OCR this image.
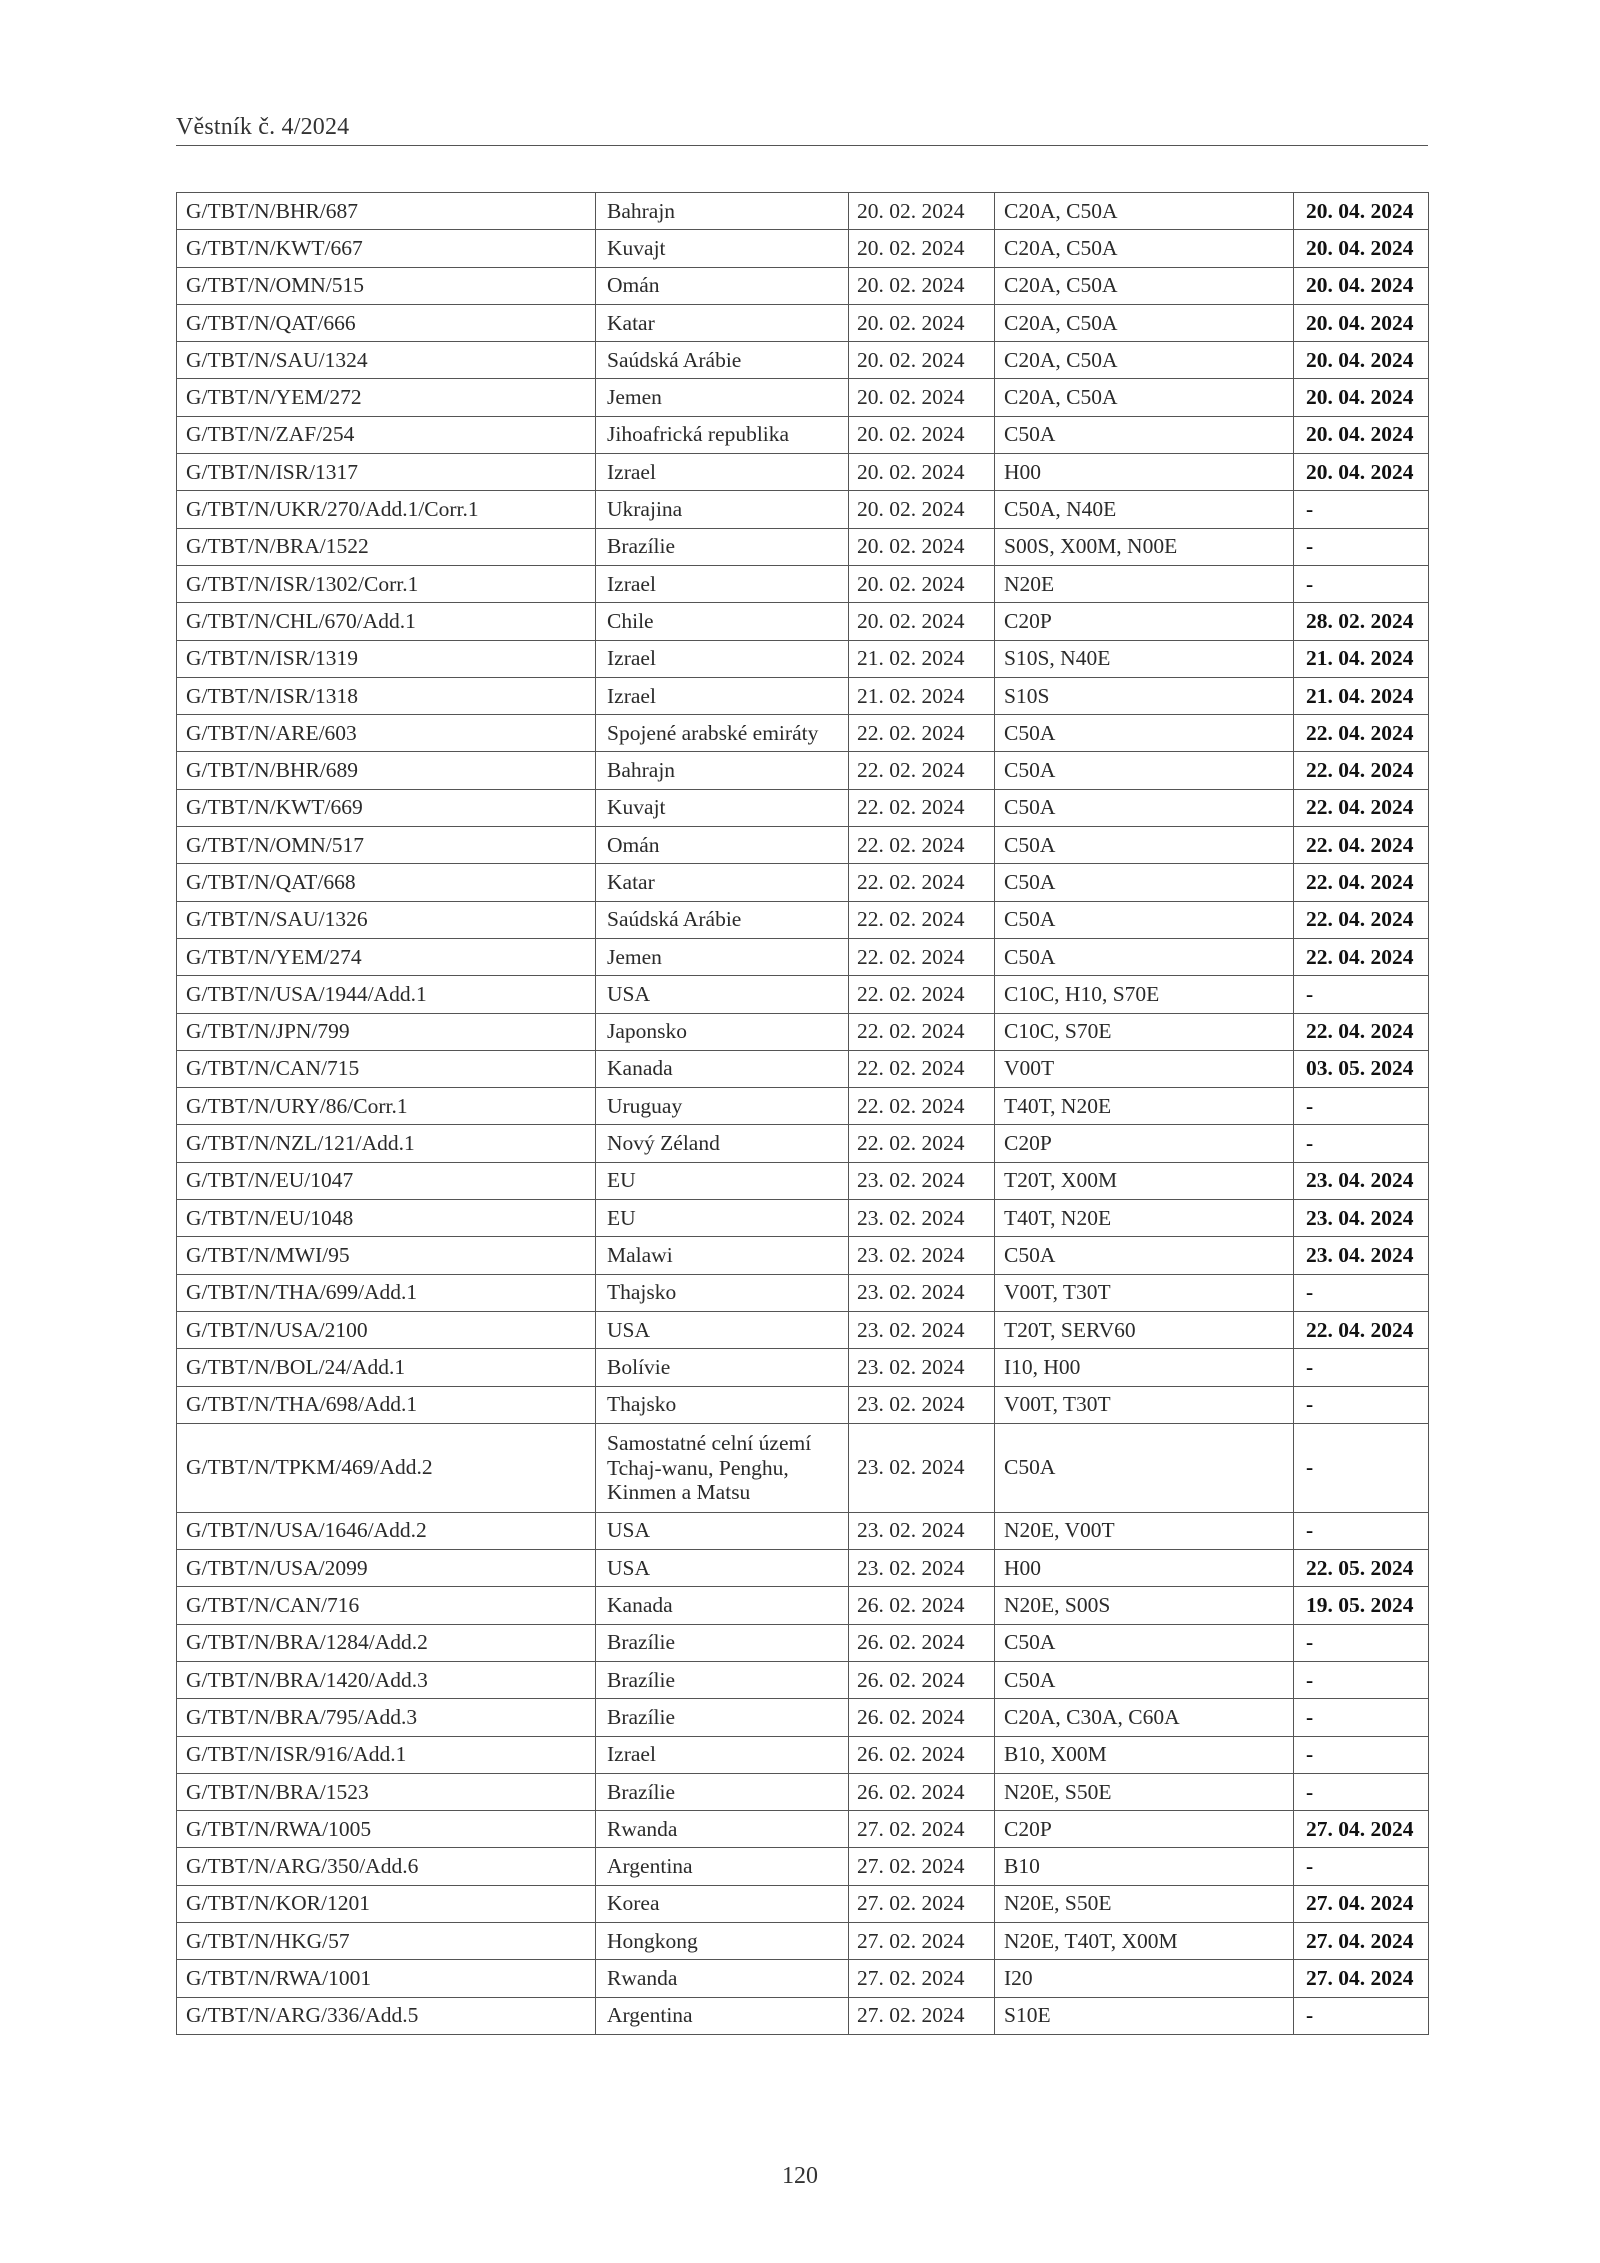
Věstník č. 4/2024
G/TBT/N/BHR/687	Bahrajn	20. 02. 2024	C20A, C50A	20. 04. 2024
G/TBT/N/KWT/667	Kuvajt	20. 02. 2024	C20A, C50A	20. 04. 2024
G/TBT/N/OMN/515	Omán	20. 02. 2024	C20A, C50A	20. 04. 2024
G/TBT/N/QAT/666	Katar	20. 02. 2024	C20A, C50A	20. 04. 2024
G/TBT/N/SAU/1324	Saúdská Arábie	20. 02. 2024	C20A, C50A	20. 04. 2024
G/TBT/N/YEM/272	Jemen	20. 02. 2024	C20A, C50A	20. 04. 2024
G/TBT/N/ZAF/254	Jihoafrická republika	20. 02. 2024	C50A	20. 04. 2024
G/TBT/N/ISR/1317	Izrael	20. 02. 2024	H00	20. 04. 2024
G/TBT/N/UKR/270/Add.1/Corr.1	Ukrajina	20. 02. 2024	C50A, N40E	-
G/TBT/N/BRA/1522	Brazílie	20. 02. 2024	S00S, X00M, N00E	-
G/TBT/N/ISR/1302/Corr.1	Izrael	20. 02. 2024	N20E	-
G/TBT/N/CHL/670/Add.1	Chile	20. 02. 2024	C20P	28. 02. 2024
G/TBT/N/ISR/1319	Izrael	21. 02. 2024	S10S, N40E	21. 04. 2024
G/TBT/N/ISR/1318	Izrael	21. 02. 2024	S10S	21. 04. 2024
G/TBT/N/ARE/603	Spojené arabské emiráty	22. 02. 2024	C50A	22. 04. 2024
G/TBT/N/BHR/689	Bahrajn	22. 02. 2024	C50A	22. 04. 2024
G/TBT/N/KWT/669	Kuvajt	22. 02. 2024	C50A	22. 04. 2024
G/TBT/N/OMN/517	Omán	22. 02. 2024	C50A	22. 04. 2024
G/TBT/N/QAT/668	Katar	22. 02. 2024	C50A	22. 04. 2024
G/TBT/N/SAU/1326	Saúdská Arábie	22. 02. 2024	C50A	22. 04. 2024
G/TBT/N/YEM/274	Jemen	22. 02. 2024	C50A	22. 04. 2024
G/TBT/N/USA/1944/Add.1	USA	22. 02. 2024	C10C, H10, S70E	-
G/TBT/N/JPN/799	Japonsko	22. 02. 2024	C10C, S70E	22. 04. 2024
G/TBT/N/CAN/715	Kanada	22. 02. 2024	V00T	03. 05. 2024
G/TBT/N/URY/86/Corr.1	Uruguay	22. 02. 2024	T40T, N20E	-
G/TBT/N/NZL/121/Add.1	Nový Zéland	22. 02. 2024	C20P	-
G/TBT/N/EU/1047	EU	23. 02. 2024	T20T, X00M	23. 04. 2024
G/TBT/N/EU/1048	EU	23. 02. 2024	T40T, N20E	23. 04. 2024
G/TBT/N/MWI/95	Malawi	23. 02. 2024	C50A	23. 04. 2024
G/TBT/N/THA/699/Add.1	Thajsko	23. 02. 2024	V00T, T30T	-
G/TBT/N/USA/2100	USA	23. 02. 2024	T20T, SERV60	22. 04. 2024
G/TBT/N/BOL/24/Add.1	Bolívie	23. 02. 2024	I10, H00	-
G/TBT/N/THA/698/Add.1	Thajsko	23. 02. 2024	V00T, T30T	-
G/TBT/N/TPKM/469/Add.2	Samostatné celní území Tchaj-wanu, Penghu, Kinmen a Matsu	23. 02. 2024	C50A	-
G/TBT/N/USA/1646/Add.2	USA	23. 02. 2024	N20E, V00T	-
G/TBT/N/USA/2099	USA	23. 02. 2024	H00	22. 05. 2024
G/TBT/N/CAN/716	Kanada	26. 02. 2024	N20E, S00S	19. 05. 2024
G/TBT/N/BRA/1284/Add.2	Brazílie	26. 02. 2024	C50A	-
G/TBT/N/BRA/1420/Add.3	Brazílie	26. 02. 2024	C50A	-
G/TBT/N/BRA/795/Add.3	Brazílie	26. 02. 2024	C20A, C30A, C60A	-
G/TBT/N/ISR/916/Add.1	Izrael	26. 02. 2024	B10, X00M	-
G/TBT/N/BRA/1523	Brazílie	26. 02. 2024	N20E, S50E	-
G/TBT/N/RWA/1005	Rwanda	27. 02. 2024	C20P	27. 04. 2024
G/TBT/N/ARG/350/Add.6	Argentina	27. 02. 2024	B10	-
G/TBT/N/KOR/1201	Korea	27. 02. 2024	N20E, S50E	27. 04. 2024
G/TBT/N/HKG/57	Hongkong	27. 02. 2024	N20E, T40T, X00M	27. 04. 2024
G/TBT/N/RWA/1001	Rwanda	27. 02. 2024	I20	27. 04. 2024
G/TBT/N/ARG/336/Add.5	Argentina	27. 02. 2024	S10E	-
120
